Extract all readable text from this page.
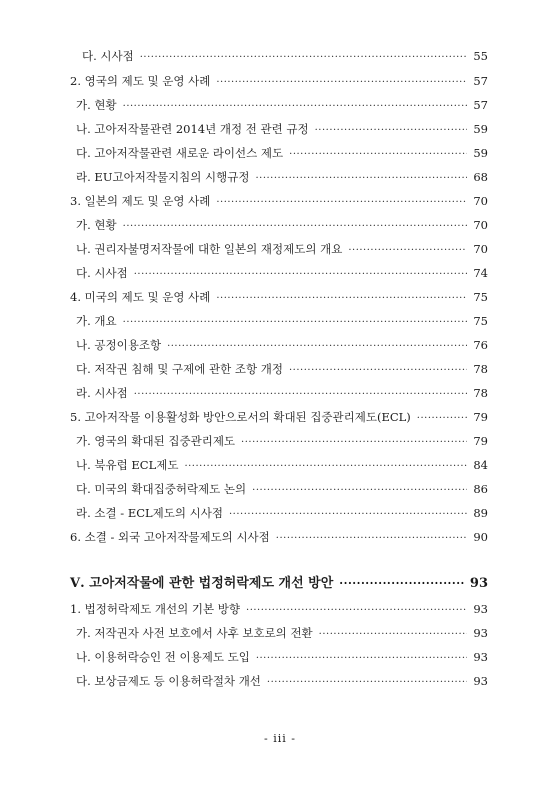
다. 시사점 ·····	55
2. 영국의 제도 및 운영 사례 ·····	57
가. 현황 ·····	57
나. 고아저작물관련 2014년 개정 전 관련 규정 ·····	59
다. 고아저작물관련 새로운 라이선스 제도 ·····	59
라. EU고아저작물지침의 시행규정 ·····	68
3. 일본의 제도 및 운영 사례 ·····	70
가. 현황 ·····	70
나. 권리자불명저작물에 대한 일본의 재정제도의 개요 ·····	70
다. 시사점 ·····	74
4. 미국의 제도 및 운영 사례 ·····	75
가. 개요 ·····	75
나. 공정이용조항 ·····	76
다. 저작권 침해 및 구제에 관한 조항 개정 ·····	78
라. 시사점 ·····	78
5. 고아저작물 이용활성화 방안으로서의 확대된 집중관리제도(ECL) ·····	79
가. 영국의 확대된 집중관리제도 ·····	79
나. 북유럽 ECL제도 ·····	84
다. 미국의 확대집중허락제도 논의 ·····	86
라. 소결 - ECL제도의 시사점 ·····	89
6. 소결 - 외국 고아저작물제도의 시사점 ·····	90
Ⅴ. 고아저작물에 관한 법정허락제도 개선 방안 ·····	93
1. 법정허락제도 개선의 기본 방향 ·····	93
가. 저작권자 사전 보호에서 사후 보호로의 전환 ·····	93
나. 이용허락승인 전 이용제도 도입 ·····	93
다. 보상금제도 등 이용허락절차 개선 ·····	93
- iii -
